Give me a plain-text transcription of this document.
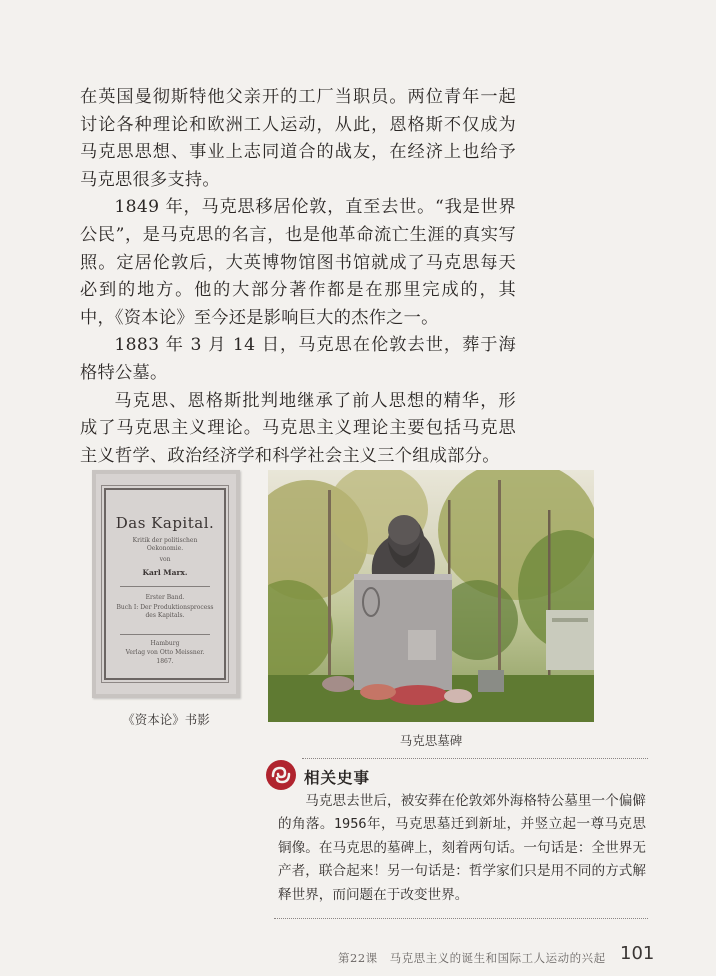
在英国曼彻斯特他父亲开的工厂当职员。两位青年一起讨论各种理论和欧洲工人运动，从此，恩格斯不仅成为马克思思想、事业上志同道合的战友，在经济上也给予马克思很多支持。

1849 年，马克思移居伦敦，直至去世。“我是世界公民”，是马克思的名言，也是他革命流亡生涯的真实写照。定居伦敦后，大英博物馆图书馆就成了马克思每天必到的地方。他的大部分著作都是在那里完成的，其中，《资本论》至今还是影响巨大的杰作之一。

1883 年 3 月 14 日，马克思在伦敦去世，葬于海格特公墓。

马克思、恩格斯批判地继承了前人思想的精华，形成了马克思主义理论。马克思主义理论主要包括马克思主义哲学、政治经济学和科学社会主义三个组成部分。

Das Kapital.
Kritik der politischen Oekonomie.
von
Karl Marx.
Erster Band.
Buch I: Der Produktionsprocess des Kapitals.
Hamburg
Verlag von Otto Meissner.
1867.
《资本论》书影
马克思墓碑
相关史事
马克思去世后，被安葬在伦敦郊外海格特公墓里一个偏僻的角落。1956年，马克思墓迁到新址，并竖立起一尊马克思铜像。在马克思的墓碑上，刻着两句话。一句话是：全世界无产者，联合起来！另一句话是：哲学家们只是用不同的方式解释世界，而问题在于改变世界。
第22课　马克思主义的诞生和国际工人运动的兴起 101
